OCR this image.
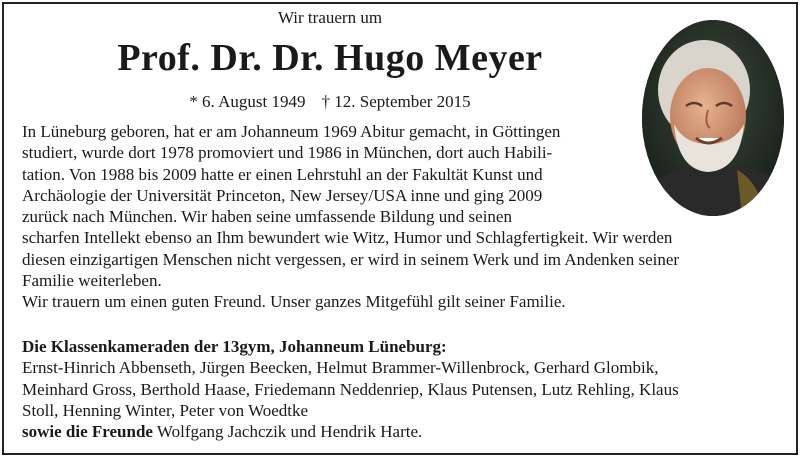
Wir trauern um
Prof. Dr. Dr. Hugo Meyer
* 6. August 1949 † 12. September 2015
In Lüneburg geboren, hat er am Johanneum 1969 Abitur gemacht, in Göttingen
studiert, wurde dort 1978 promoviert und 1986 in München, dort auch Habili-
tation. Von 1988 bis 2009 hatte er einen Lehrstuhl an der Fakultät Kunst und
Archäologie der Universität Princeton, New Jersey/USA inne und ging 2009
zurück nach München. Wir haben seine umfassende Bildung und seinen
scharfen Intellekt ebenso an Ihm bewundert wie Witz, Humor und Schlagfertigkeit. Wir werden
diesen einzigartigen Menschen nicht vergessen, er wird in seinem Werk und im Andenken seiner
Familie weiterleben.
Wir trauern um einen guten Freund. Unser ganzes Mitgefühl gilt seiner Familie.
Die Klassenkameraden der 13gym, Johanneum Lüneburg:
Ernst-Hinrich Abbenseth, Jürgen Beecken, Helmut Brammer-Willenbrock, Gerhard Glombik,
Meinhard Gross, Berthold Haase, Friedemann Neddenriep, Klaus Putensen, Lutz Rehling, Klaus
Stoll, Henning Winter, Peter von Woedtke
sowie die Freunde Wolfgang Jachczik und Hendrik Harte.
